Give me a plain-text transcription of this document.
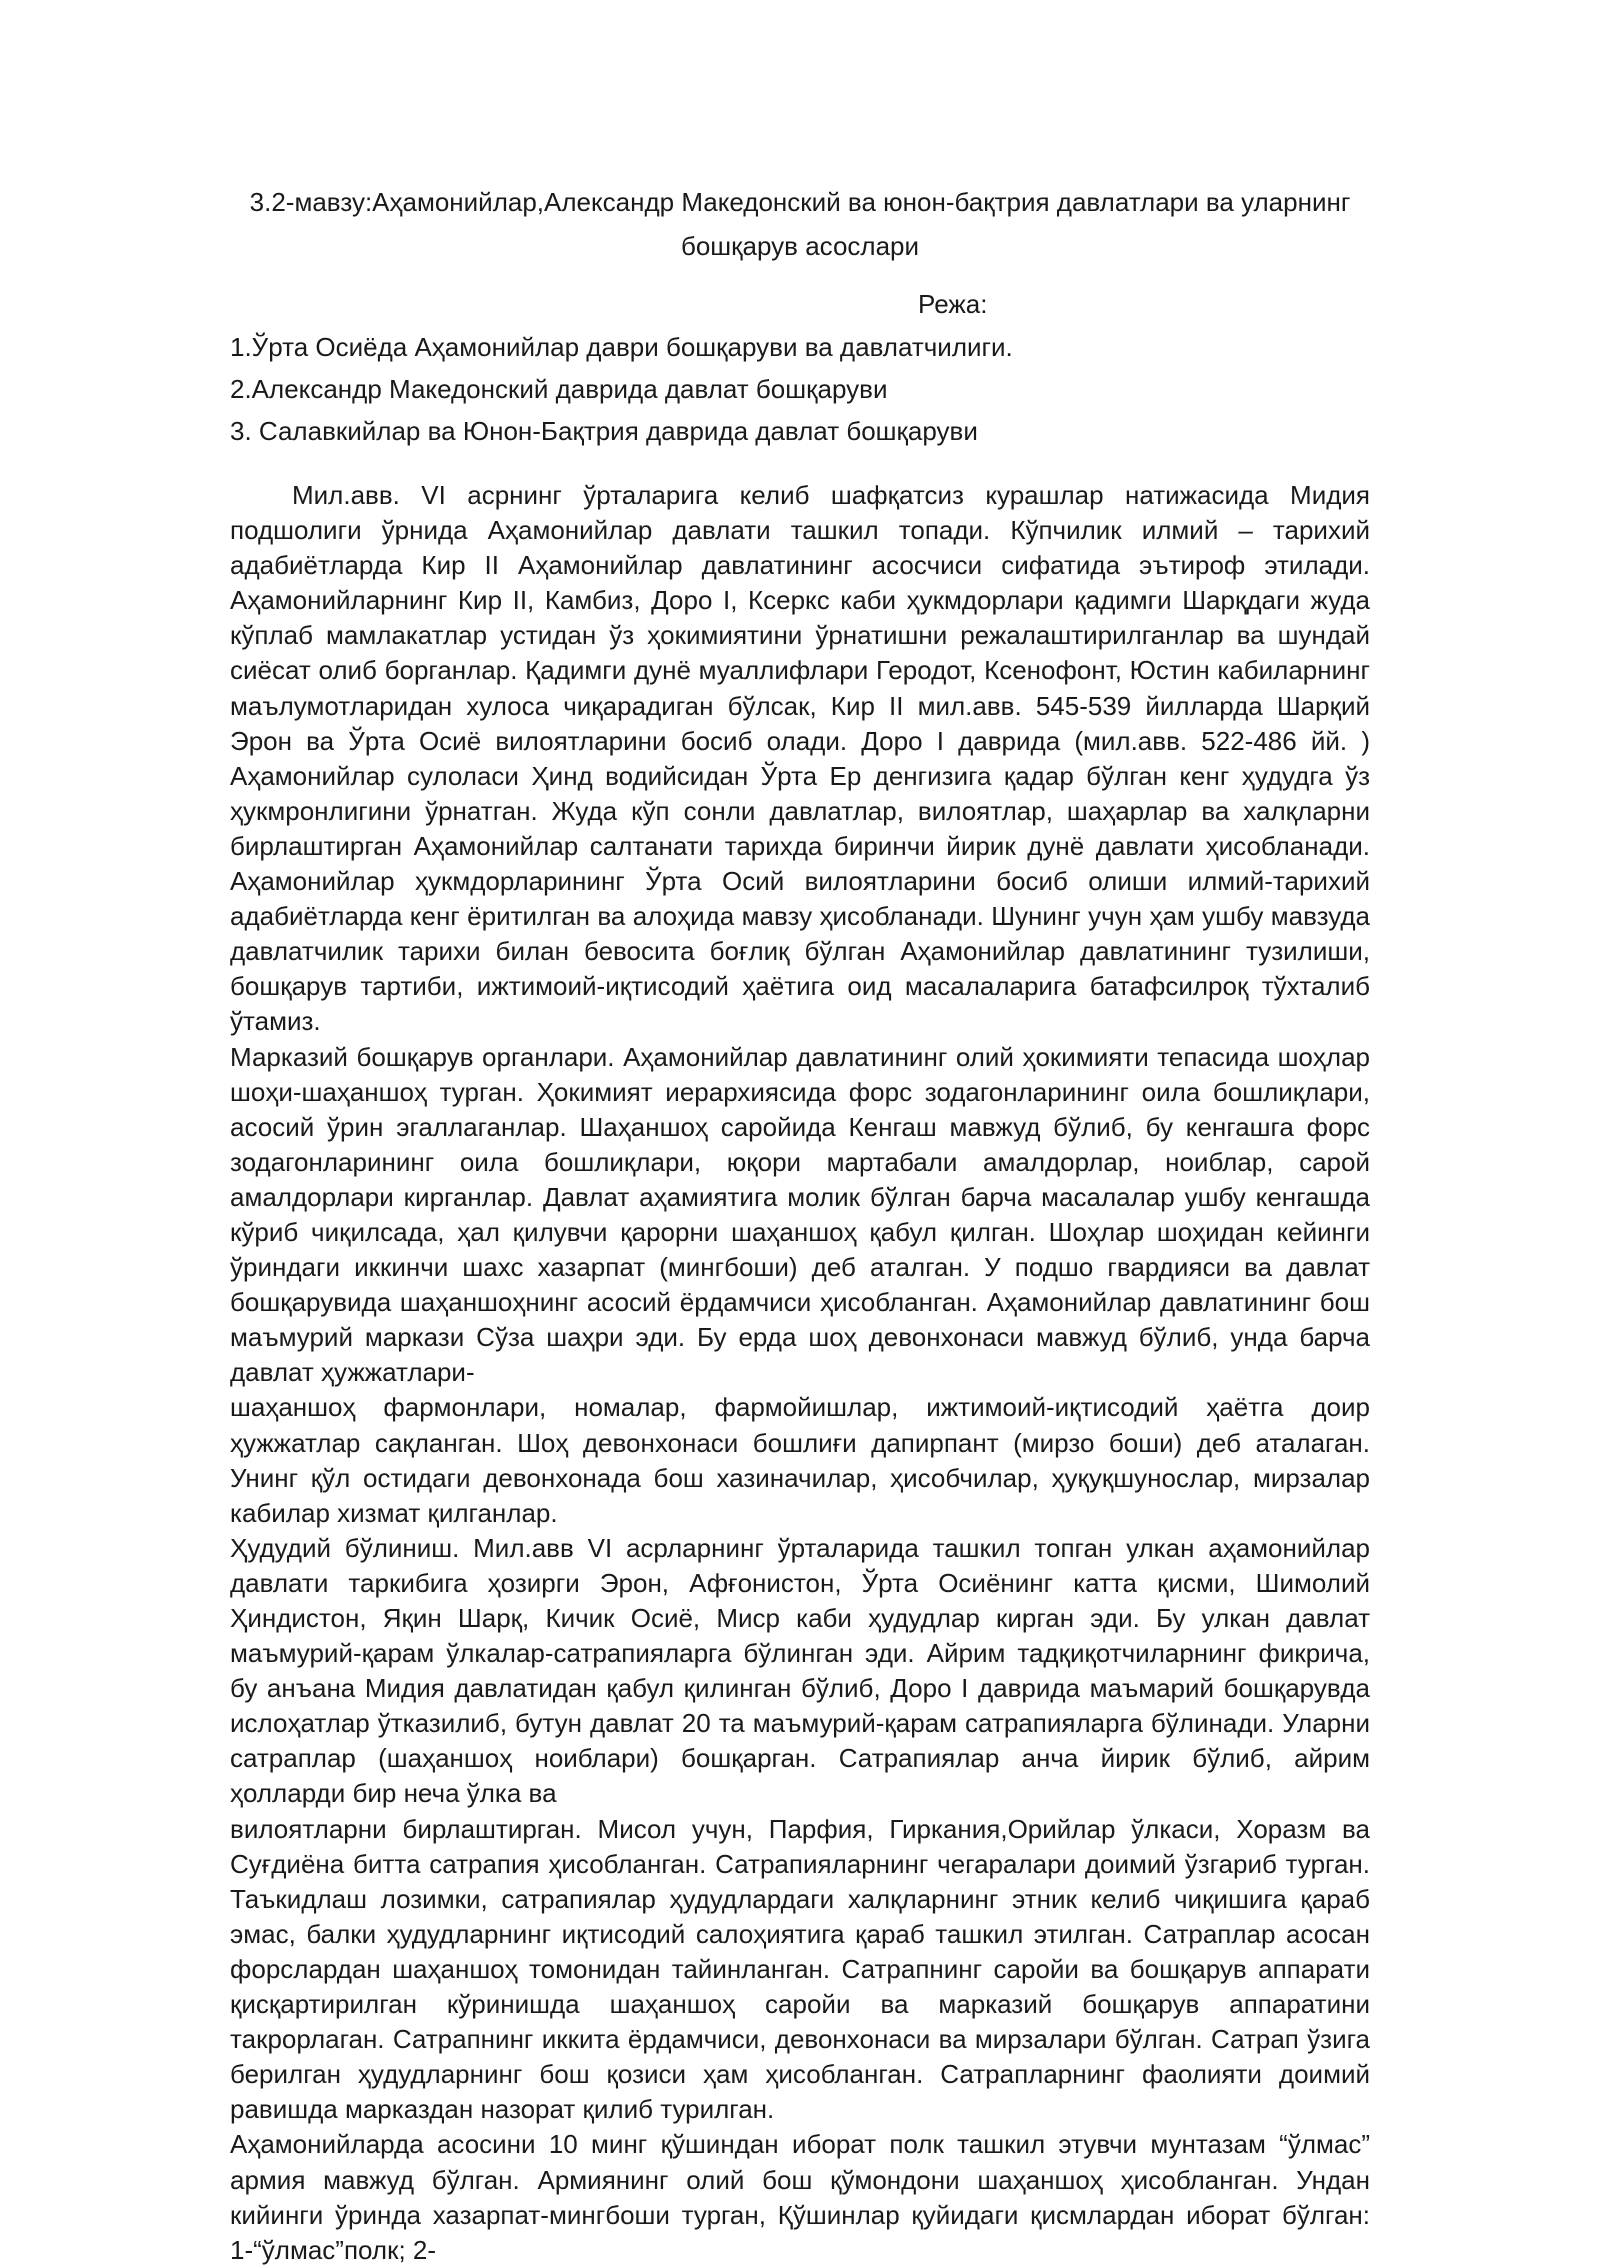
3.2-мавзу:Аҳамонийлар,Александр Македонский ва юнон-бақтрия давлатлари ва уларнинг бошқарув асослари
Режа:
1.Ўрта Осиёда Аҳамонийлар даври бошқаруви ва давлатчилиги.
2.Александр Македонский даврида давлат бошқаруви
3. Салавкийлар ва Юнон-Бақтрия даврида давлат бошқаруви

Мил.авв. VI асрнинг ўрталарига келиб шафқатсиз курашлар натижасида Мидия подшолиги ўрнида Аҳамонийлар давлати ташкил топади. Кўпчилик илмий – тарихий адабиётларда Кир II Аҳамонийлар давлатининг асосчиси сифатида эътироф этилади. Аҳамонийларнинг Кир II, Камбиз, Доро I, Ксеркс каби ҳукмдорлари қадимги Шарқдаги жуда кўплаб мамлакатлар устидан ўз ҳокимиятини ўрнатишни режалаштирилганлар ва шундай сиёсат олиб борганлар. Қадимги дунё муаллифлари Геродот, Ксенофонт, Юстин кабиларнинг маълумотларидан хулоса чиқарадиган бўлсак, Кир II мил.авв. 545-539 йилларда Шарқий Эрон ва Ўрта Осиё вилоятларини босиб олади. Доро I даврида (мил.авв. 522-486 йй. ) Аҳамонийлар сулоласи Ҳинд водийсидан Ўрта Ер денгизига қадар бўлган кенг ҳудудга ўз ҳукмронлигини ўрнатган. Жуда кўп сонли давлатлар, вилоятлар, шаҳарлар ва халқларни бирлаштирган Аҳамонийлар салтанати тарихда биринчи йирик дунё давлати ҳисобланади. Аҳамонийлар ҳукмдорларининг Ўрта Осий вилоятларини босиб олиши илмий-тарихий адабиётларда кенг ёритилган ва алоҳида мавзу ҳисобланади. Шунинг учун ҳам ушбу мавзуда давлатчилик тарихи билан бевосита боғлиқ бўлган Аҳамонийлар давлатининг тузилиши, бошқарув тартиби, ижтимоий-иқтисодий ҳаётига оид масалаларига батафсилроқ тўхталиб ўтамиз.

Марказий бошқарув органлари. Аҳамонийлар давлатининг олий ҳокимияти тепасида шоҳлар шоҳи-шаҳаншоҳ турган. Ҳокимият иерархиясида форс зодагонларининг оила бошлиқлари, асосий ўрин эгаллаганлар. Шаҳаншоҳ саройида Кенгаш мавжуд бўлиб, бу кенгашга форс зодагонларининг оила бошлиқлари, юқори мартабали амалдорлар, ноиблар, сарой амалдорлари кирганлар. Давлат аҳамиятига молик бўлган барча масалалар ушбу кенгашда кўриб чиқилсада, ҳал қилувчи қарорни шаҳаншоҳ қабул қилган. Шоҳлар шоҳидан кейинги ўриндаги иккинчи шахс хазарпат (мингбоши) деб аталган. У подшо гвардияси ва давлат бошқарувида шаҳаншоҳнинг асосий ёрдамчиси ҳисобланган. Аҳамонийлар давлатининг бош маъмурий маркази Сўза шаҳри эди. Бу ерда шоҳ девонхонаси мавжуд бўлиб, унда барча давлат ҳужжатлари-

шаҳаншоҳ фармонлари, номалар, фармойишлар, ижтимоий-иқтисодий ҳаётга доир ҳужжатлар сақланган. Шоҳ девонхонаси бошлиғи дапирпант (мирзо боши) деб аталаган. Унинг қўл остидаги девонхонада бош хазиначилар, ҳисобчилар, ҳуқуқшунослар, мирзалар кабилар хизмат қилганлар.

Ҳудудий бўлиниш. Мил.авв VI асрларнинг ўрталарида ташкил топган улкан аҳамонийлар давлати таркибига ҳозирги Эрон, Афғонистон, Ўрта Осиёнинг катта қисми, Шимолий Ҳиндистон, Яқин Шарқ, Кичик Осиё, Миср каби ҳудудлар кирган эди. Бу улкан давлат маъмурий-қарам ўлкалар-сатрапияларга бўлинган эди. Айрим тадқиқотчиларнинг фикрича, бу анъана Мидия давлатидан қабул қилинган бўлиб, Доро I даврида маъмарий бошқарувда ислоҳатлар ўтказилиб, бутун давлат 20 та маъмурий-қарам сатрапияларга бўлинади. Уларни сатраплар (шаҳаншоҳ ноиблари) бошқарган. Сатрапиялар анча йирик бўлиб, айрим ҳолларди бир неча ўлка ва

вилоятларни бирлаштирган. Мисол учун, Парфия, Гиркания,Орийлар ўлкаси, Хоразм ва Суғдиёна битта сатрапия ҳисобланган. Сатрапияларнинг чегаралари доимий ўзгариб турган. Таъкидлаш лозимки, сатрапиялар ҳудудлардаги халқларнинг этник келиб чиқишига қараб эмас, балки ҳудудларнинг иқтисодий салоҳиятига қараб ташкил этилган. Сатраплар асосан форслардан шаҳаншоҳ томонидан тайинланган. Сатрапнинг саройи ва бошқарув аппарати қисқартирилган кўринишда шаҳаншоҳ саройи ва марказий бошқарув аппаратини такрорлаган. Сатрапнинг иккита ёрдамчиси, девонхонаси ва мирзалари бўлган. Сатрап ўзига берилган ҳудудларнинг бош қозиси ҳам ҳисобланган. Сатрапларнинг фаолияти доимий равишда марказдан назорат қилиб турилган.

Аҳамонийларда асосини 10 минг қўшиндан иборат полк ташкил этувчи мунтазам “ўлмас” армия мавжуд бўлган. Армиянинг олий бош қўмондони шаҳаншоҳ ҳисобланган. Ундан кийинги ўринда хазарпат-мингбоши турган, Қўшинлар қуйидаги қисмлардан иборат бўлган: 1-“ўлмас”полк; 2-
